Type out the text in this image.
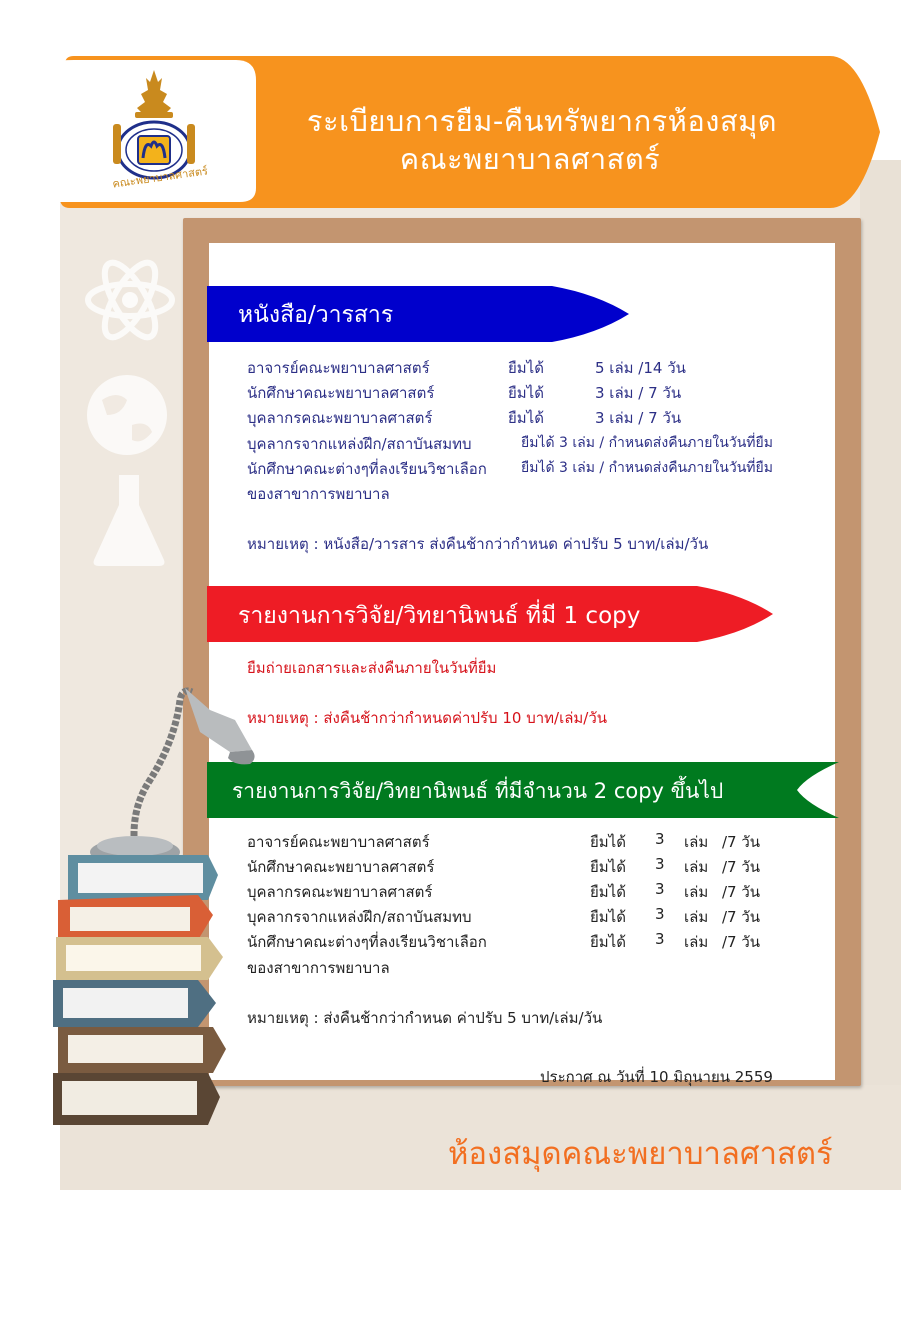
คณะพยาบาลศาสตร์
ระเบียบการยืม-คืนทรัพยากรห้องสมุด
คณะพยาบาลศาสตร์
หนังสือ/วารสาร
อาจารย์คณะพยาบาลศาสตร์	ยืมได้	5 เล่ม /14 วัน
นักศึกษาคณะพยาบาลศาสตร์	ยืมได้	3 เล่ม / 7 วัน
บุคลากรคณะพยาบาลศาสตร์	ยืมได้	3 เล่ม / 7 วัน
บุคลากรจากแหล่งฝึก/สถาบันสมทบ	ยืมได้ 3 เล่ม / กำหนดส่งคืนภายในวันที่ยืม
นักศึกษาคณะต่างๆที่ลงเรียนวิชาเลือก ยืมได้ 3 เล่ม / กำหนดส่งคืนภายในวันที่ยืม
ของสาขาการพยาบาล
หมายเหตุ : หนังสือ/วารสาร ส่งคืนช้ากว่ากำหนด ค่าปรับ 5 บาท/เล่ม/วัน
รายงานการวิจัย/วิทยานิพนธ์ ที่มี 1 copy
ยืมถ่ายเอกสารและส่งคืนภายในวันที่ยืม
หมายเหตุ : ส่งคืนช้ากว่ากำหนดค่าปรับ 10 บาท/เล่ม/วัน
รายงานการวิจัย/วิทยานิพนธ์ ที่มีจำนวน 2 copy ขึ้นไป
อาจารย์คณะพยาบาลศาสตร์	ยืมได้ 3 เล่ม /7 วัน
นักศึกษาคณะพยาบาลศาสตร์	ยืมได้ 3 เล่ม /7 วัน
บุคลากรคณะพยาบาลศาสตร์	ยืมได้ 3 เล่ม /7 วัน
บุคลากรจากแหล่งฝึก/สถาบันสมทบ	ยืมได้ 3 เล่ม /7 วัน
นักศึกษาคณะต่างๆที่ลงเรียนวิชาเลือก	ยืมได้ 3 เล่ม /7 วัน
ของสาขาการพยาบาล
หมายเหตุ : ส่งคืนช้ากว่ากำหนด ค่าปรับ 5 บาท/เล่ม/วัน
ประกาศ ณ วันที่ 10 มิถุนายน 2559
ห้องสมุดคณะพยาบาลศาสตร์
